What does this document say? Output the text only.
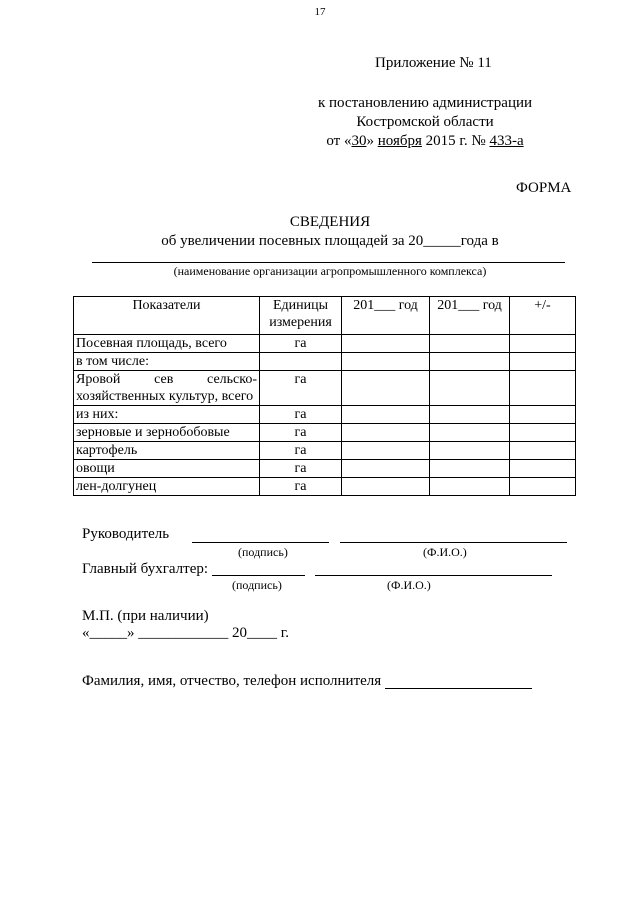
17
Приложение № 11
к постановлению администрации
Костромской области
от «30» ноября 2015 г. № 433-а
ФОРМА
СВЕДЕНИЯ
об увеличении посевных площадей за 20_____года в
(наименование организации агропромышленного комплекса)
Показатели	Единицы измерения	201___ год	201___ год	+/-
Посевная площадь, всего	га			
в том числе:				
Яровой сев сельско-хозяйственных культур, всего	га			
из них:	га			
зерновые и зернобобовые	га			
картофель	га			
овощи	га			
лен-долгунец	га			
Руководитель
(подпись)	(Ф.И.О.)
Главный бухгалтер:
(подпись)	(Ф.И.О.)
М.П. (при наличии)
«_____» ____________ 20____ г.
Фамилия, имя, отчество, телефон исполнителя
